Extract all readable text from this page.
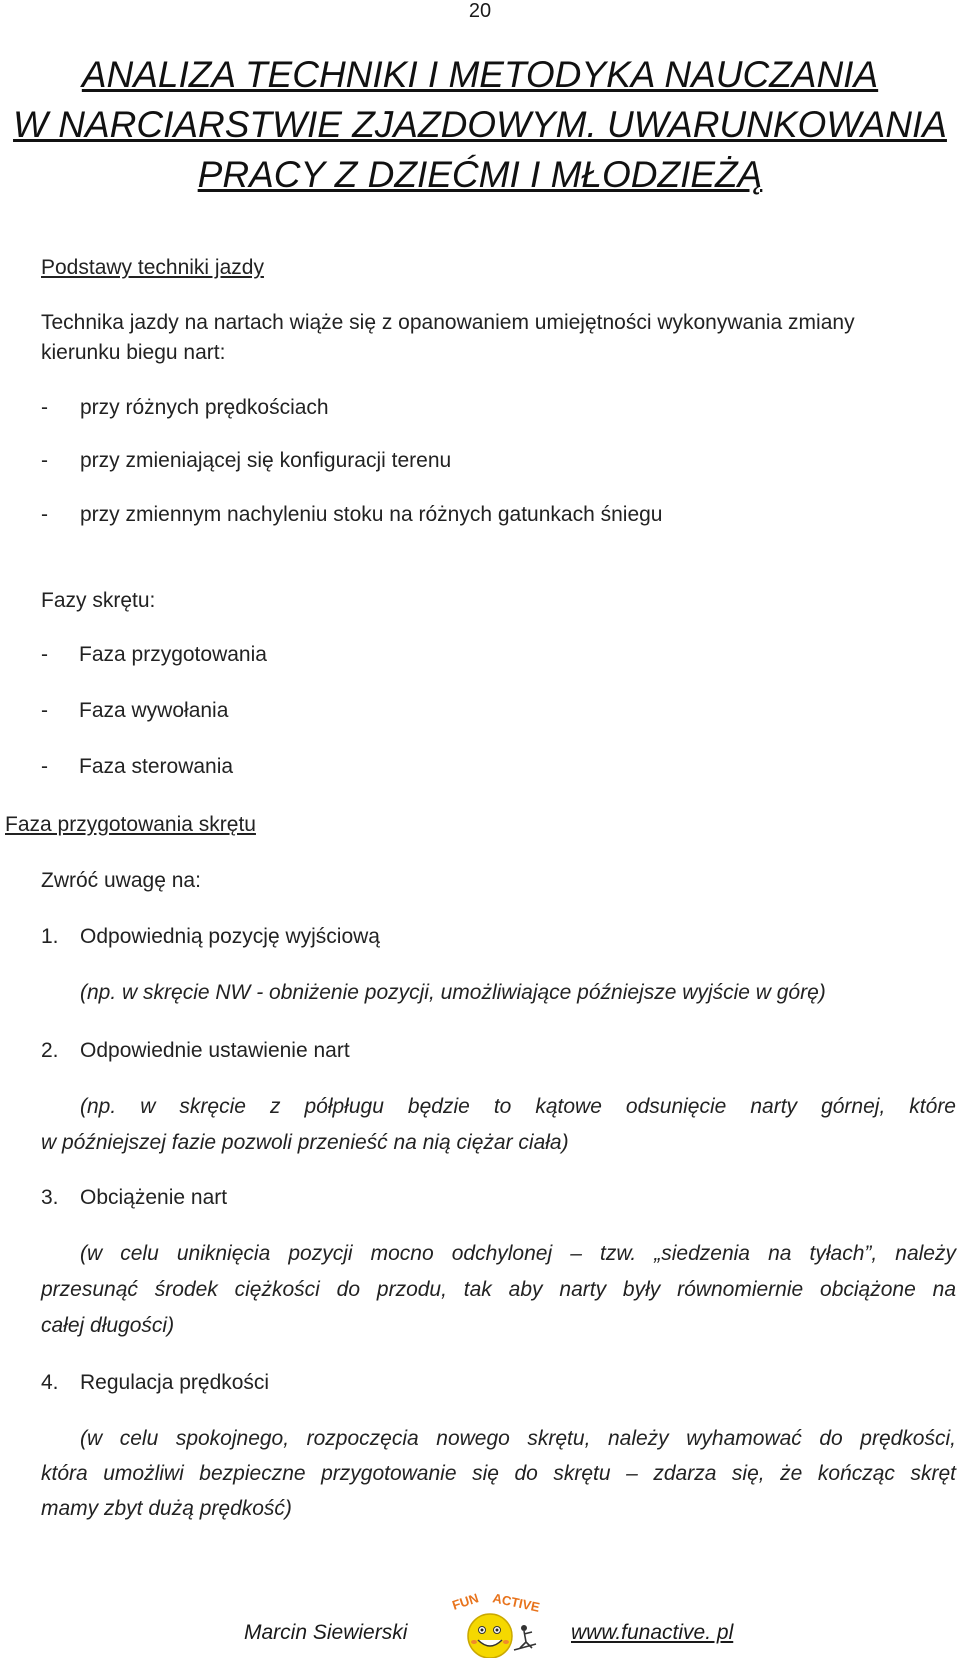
20
ANALIZA TECHNIKI I METODYKA NAUCZANIA
W NARCIARSTWIE ZJAZDOWYM. UWARUNKOWANIA
PRACY Z DZIEĆMI I MŁODZIEŻĄ
Podstawy techniki jazdy
Technika jazdy na nartach wiąże się z opanowaniem umiejętności wykonywania zmiany
kierunku biegu nart:
- przy różnych prędkościach
- przy zmieniającej się konfiguracji terenu
- przy zmiennym nachyleniu stoku na różnych gatunkach śniegu
Fazy skrętu:
- Faza przygotowania
- Faza wywołania
- Faza sterowania
Faza przygotowania skrętu
Zwróć uwagę na:
1. Odpowiednią pozycję wyjściową
(np. w skręcie NW - obniżenie pozycji, umożliwiające późniejsze wyjście w górę)
2. Odpowiednie ustawienie nart
(np. w skręcie z półpługu będzie to kątowe odsunięcie narty górnej, które
w późniejszej fazie pozwoli przenieść na nią ciężar ciała)
3. Obciążenie nart
(w celu uniknięcia pozycji mocno odchylonej – tzw. „siedzenia na tyłach”, należy
przesunąć środek ciężkości do przodu, tak aby narty były równomiernie obciążone na
całej długości)
4. Regulacja prędkości
(w celu spokojnego, rozpoczęcia nowego skrętu, należy wyhamować do prędkości,
która umożliwi bezpieczne przygotowanie się do skrętu – zdarza się, że kończąc skręt
mamy zbyt dużą prędkość)
Marcin Siewierski
FUN ACTIVE
www.funactive. pl
